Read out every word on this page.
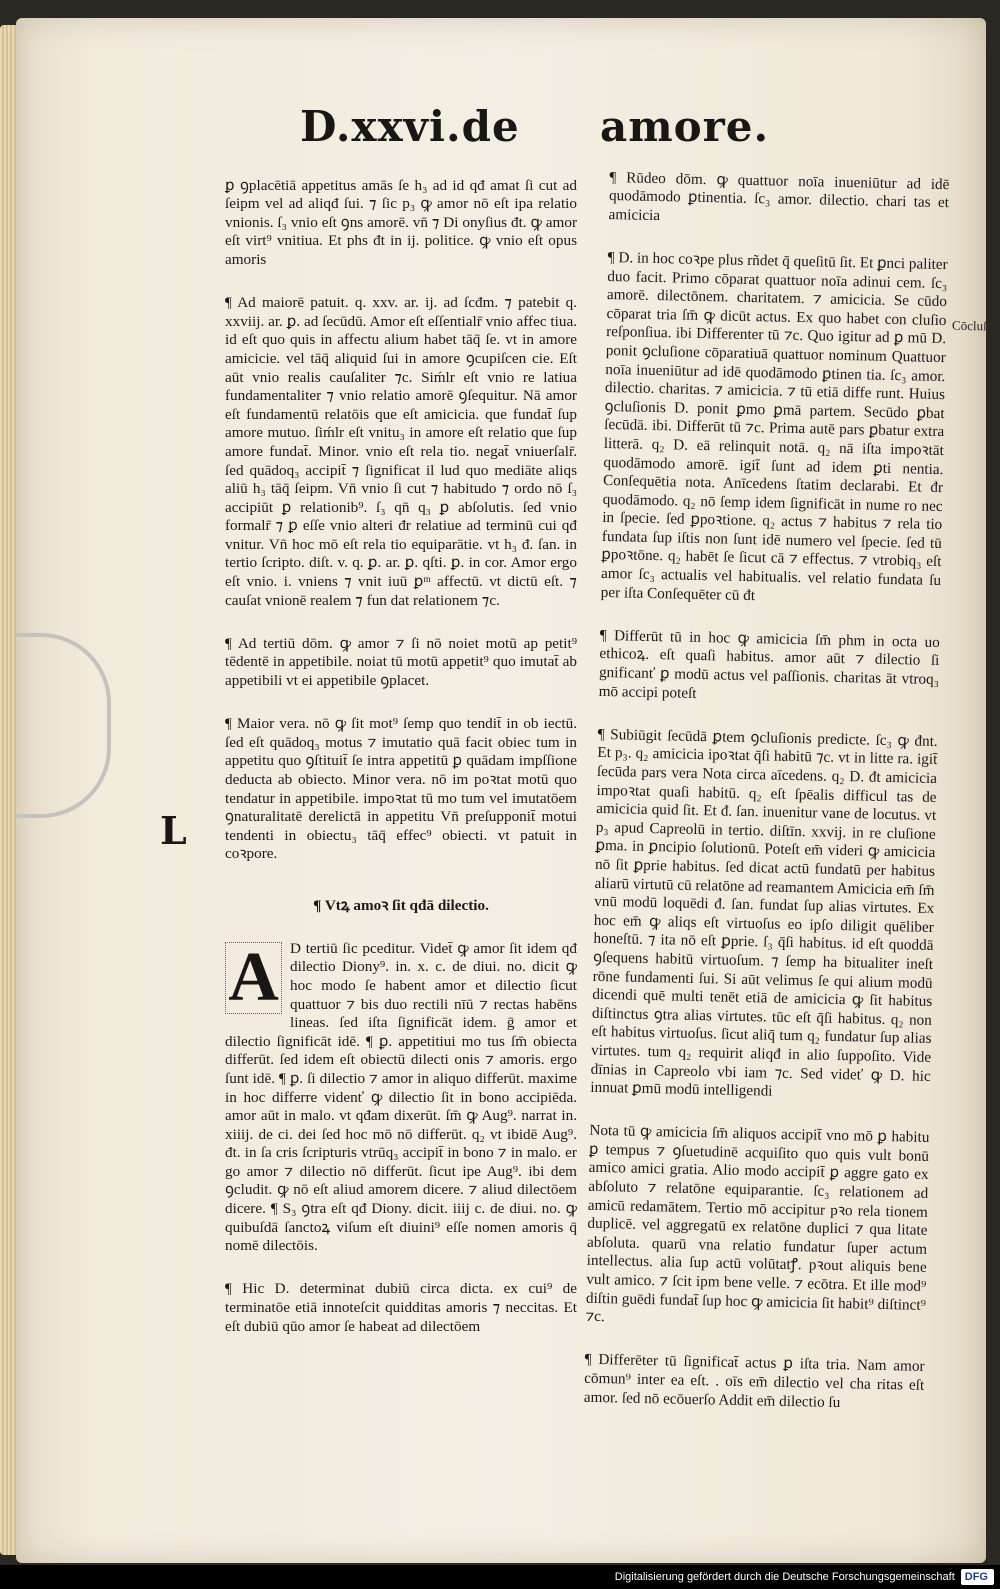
D.xxvi.de amore.

ꝑ ꝯplacētiā appetitus amās ſe h₃ ad id qđ amat ſi cut ad ſeipm vel ad aliqđ ſui. ⁊ ſic p₃ ꝙ amor nō eſt ipa relatio vnionis. ſ₃ vnio eſt ꝯns amorē. vn̄ ⁊ Di onyſius đt. ꝙ amor eſt virt⁹ vnitiua. Et phs đt in ij. politice. ꝙ vnio eſt opus amoris

¶ Ad maiorē patuit. q. xxv. ar. ij. ad ſcđm. ⁊ patebit q. xxviij. ar. ꝑ. ad ſecūdū. Amor eſt eſſentialr̄ vnio affec tiua. id eſt quo quis in affectu alium habet tāq̄ ſe. vt in amore amicicie. vel tāq̄ aliquid ſui in amore ꝯcupiſcen cie. Eſt aūt vnio realis cauſaliter ⁊c. Siḿlr eſt vnio re latiua fundamentaliter ⁊ vnio relatio amorē ꝯſequitur. Nā amor eſt fundamentū relatōis que eſt amicicia. que fundat̄ ſup amore mutuo. ſiḿlr eſt vnitu₃ in amore eſt relatio que ſup amore fundat̄. Minor. vnio eſt rela tio. negat̄ vniuerſalr̄. ſed quādoq₃ accipit̄ ⁊ ſignificat il lud quo mediāte aliqs aliū h₃ tāq̄ ſeipm. Vn̄ vnio ſi cut ⁊ habitudo ⁊ ordo nō ſ₃ accipiūt ꝑ relationib⁹. ſ₃ qn̄ q₃ ꝑ abſolutis. ſed vnio formalr̄ ⁊ ꝑ eſſe vnio alteri đr relatiue ad terminū cui qđ vnitur. Vn̄ hoc mō eſt rela tio equiparātie. vt h₃ đ. ſan. in tertio ſcripto. diſt. v. q. ꝑ. ar. ꝑ. qſti. ꝑ. in cor. Amor ergo eſt vnio. i. vniens ⁊ vnit iuū ꝑᵐ affectū. vt dictū eſt. ⁊ cauſat vnionē realem ⁊ fun dat relationem ⁊c.

¶ Ad tertiū dōm. ꝙ amor ⁊ ſi nō noiet motū ap petit⁹ tēdentē in appetibile. noiat tū motū appetit⁹ quo imutat̄ ab appetibili vt ei appetibile ꝯplacet.

¶ Maior vera. nō ꝙ ſit mot⁹ ſemp quo tendit̄ in ob iectū. ſed eſt quādoq₃ motus ⁊ imutatio quā facit obiec tum in appetitu quo ꝯſtituit̄ ſe intra appetitū ꝑ quādam impſſione deducta ab obiecto. Minor vera. nō im poꝛtat motū quo tendatur in appetibile. impoꝛtat tū mo tum vel imutatōem ꝯnaturalitatē derelictā in appetitu Vn̄ preſupponit̄ motui tendenti in obiectu₃ tāq̄ effec⁹ obiecti. vt patuit in coꝛpore.

¶ Vtꝝ amoꝛ ſit qđā dilectio.

A D tertiū ſic pceditur. Videt̄ ꝙ amor ſit idem qđ dilectio Diony⁹. in. x. c. de diui. no. dicit ꝙ hoc modo ſe habent amor et dilectio ſicut quattuor ⁊ bis duo rectili nīū ⁊ rectas habēns lineas. ſed iſta ſignificāt idem. ḡ amor et dilectio ſignificāt idē. ¶ ꝑ. appetitiui mo tus ſm̄ obiecta differūt. ſed idem eſt obiectū dilecti onis ⁊ amoris. ergo ſunt idē. ¶ ꝑ. ſi dilectio ⁊ amor in aliquo differūt. maxime in hoc differre videnť ꝙ dilectio ſit in bono accipiēda. amor aūt in malo. vt qđam dixerūt. ſm̄ ꝙ Aug⁹. narrat in. xiiij. de ci. dei ſed hoc mō nō differūt. q₂ vt ibidē Aug⁹. đt. in ſa cris ſcripturis vtrūq₃ accipit̄ in bono ⁊ in malo. er go amor ⁊ dilectio nō differūt. ſicut ipe Aug⁹. ibi dem ꝯcludit. ꝙ nō eſt aliud amorem dicere. ⁊ aliud dilectōem dicere. ¶ S₃ ꝯtra eſt qđ Diony. dicit. iiij c. de diui. no. ꝙ quibuſdā ſanctoꝝ viſum eſt diuini⁹ eſſe nomen amoris q̄ nomē dilectōis.

¶ Hic D. determinat dubiū circa dicta. ex cui⁹ de terminatōe etiā innoteſcit quidditas amoris ⁊ neccitas. Et eſt dubiū qūo amor ſe habeat ad dilectōem

L

¶ Rūdeo dōm. ꝙ quattuor noīa inueniūtur ad idē quodāmodo ꝑtinentia. ſc₃ amor. dilectio. chari tas et amicicia

¶ D. in hoc coꝛpe plus rñdet q̄ queſitū ſit. Et ꝑnci paliter duo facit. Primo cōparat quattuor noīa adinui cem. ſc₃ amorē. dilectōnem. charitatem. ⁊ amicicia. Se cūdo cōparat tria ſm̄ ꝙ dicūt actus. Ex quo habet con cluſio reſponſiua. ibi Differenter tū ⁊c. Quo igitur ad ꝑ mū D. ponit ꝯcluſione cōparatiuā quattuor nominum Quattuor noīa inueniūtur ad idē quodāmodo ꝑtinen tia. ſc₃ amor. dilectio. charitas. ⁊ amicicia. ⁊ tū etiā diffe runt. Huius ꝯcluſionis D. ponit ꝑmo ꝑmā partem. Secūdo ꝑbat ſecūdā. ibi. Differūt tū ⁊c. Prima autē pars ꝑbatur extra litterā. q₂ D. eā relinquit notā. q₂ nā iſta impoꝛtāt quodāmodo amorē. igit̄ ſunt ad idem ꝑti nentia. Conſequētia nota. Anīcedens ſtatim declarabi. Et đr quodāmodo. q₂ nō ſemp idem ſignificāt in nume ro nec in ſpecie. ſed ꝑpoꝛtione. q₂ actus ⁊ habitus ⁊ rela tio fundata ſup iſtis non ſunt idē numero vel ſpecie. ſed tū ꝑpoꝛtōne. q₂ habēt ſe ſicut cā ⁊ effectus. ⁊ vtrobiq₃ eſt amor ſc₃ actualis vel habitualis. vel relatio fundata ſu per iſta Conſequēter cū đt

¶ Differūt tū in hoc ꝙ amicicia ſm̄ phm in octa uo ethicoꝝ. eſt quaſi habitus. amor aūt ⁊ dilectio ſi gnificanť ꝑ modū actus vel paſſionis. charitas āt vtroq₃ mō accipi poteſt

¶ Subiūgit ſecūdā ꝑtem ꝯcluſionis predicte. ſc₃ ꝙ đnt. Et p₃. q₂ amicicia ipoꝛtat q̄ſi habitū ⁊c. vt in litte ra. igit̄ ſecūda pars vera Nota circa aīcedens. q₂ D. đt amicicia impoꝛtat quaſi habitū. q₂ eſt ſpēalis difficul tas de amicicia quid ſit. Et đ. ſan. inuenitur vane de locutus. vt p₃ apud Capreolū in tertio. diſtīn. xxvij. in re cluſione ꝑma. in ꝑncipio ſolutionū. Poteſt em̄ videri ꝙ amicicia nō ſit ꝑprie habitus. ſed dicat actū fundatū per habitus aliarū virtutū cū relatōne ad reamantem Amicicia em̄ ſm̄ vnū modū loquēdi đ. ſan. fundat ſup alias virtutes. Ex hoc em̄ ꝙ aliqs eſt virtuoſus eo ipſo diligit quēliber honeſtū. ⁊ ita nō eſt ꝑprie. ſ₃ q̄ſi habitus. id eſt quoddā ꝯſequens habitū virtuoſum. ⁊ ſemp ha bitualiter ineſt rōne fundamenti ſui. Si aūt velimus ſe qui alium modū dicendi quē multi tenēt etiā de amicicia ꝙ ſit habitus diſtinctus ꝯtra alias virtutes. tūc eſt q̄ſi habitus. q₂ non eſt habitus virtuoſus. ſicut aliq̄ tum q₂ fundatur ſup alias virtutes. tum q₂ requirit aliqđ in alio ſuppoſito. Vide dīnias in Capreolo vbi iam ⁊c. Sed videť ꝙ D. hic innuat ꝑmū modū intelligendi

Nota tū ꝙ amicicia ſm̄ aliquos accipit̄ vno mō ꝑ habitu ꝑ tempus ⁊ ꝯſuetudinē acquiſito quo quis vult bonū amico amici gratia. Alio modo accipit̄ ꝑ aggre gato ex abſoluto ⁊ relatōne equiparantie. ſc₃ relationem ad amicū redamātem. Tertio mō accipitur pꝛo rela tionem duplicē. vel aggregatū ex relatōne duplici ⁊ qua litate abſoluta. quarū vna relatio fundatur ſuper actum intellectus. alia ſup actū volūtatꝭ. pꝛout aliquis bene vult amico. ⁊ ſcit ipm bene velle. ⁊ ecōtra. Et ille mod⁹ diſtin guēdi fundat̄ ſup hoc ꝙ amicicia ſit habit⁹ diſtinct⁹ ⁊c.

¶ Differēter tū ſignificat̄ actus ꝑ iſta tria. Nam amor cōmun⁹ inter ea eſt. . oīs em̄ dilectio vel cha ritas eſt amor. ſed nō ecōuerſo Addit em̄ dilectio ſu

Cōcluſ.
Digitalisierung gefördert durch die Deutsche Forschungsgemeinschaft DFG
